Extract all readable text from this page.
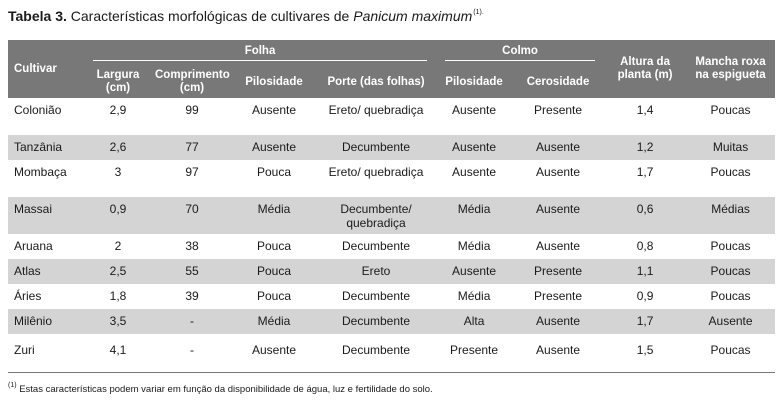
Tabela 3. Características morfológicas de cultivares de Panicum maximum$^{(1).}$
Cultivar	Folha				Colmo		Altura da planta (m)	Mancha roxa na espigueta
	Largura (cm)	Comprimento (cm)	Pilosidade	Porte (das folhas)	Pilosidade	Cerosidade		
Colonião	2,9	99	Ausente	Ereto/ quebradiça	Ausente	Presente	1,4	Poucas
Tanzânia	2,6	77	Ausente	Decumbente	Ausente	Ausente	1,2	Muitas
Mombaça	3	97	Pouca	Ereto/ quebradiça	Ausente	Ausente	1,7	Poucas
Massai	0,9	70	Média	Decumbente/ quebradiça	Média	Ausente	0,6	Médias
Aruana	2	38	Pouca	Decumbente	Média	Ausente	0,8	Poucas
Atlas	2,5	55	Pouca	Ereto	Ausente	Presente	1,1	Poucas
Áries	1,8	39	Pouca	Decumbente	Média	Presente	0,9	Poucas
Milênio	3,5	-	Média	Decumbente	Alta	Ausente	1,7	Ausente
Zuri	4,1	-	Ausente	Decumbente	Presente	Ausente	1,5	Poucas
$^{(1)}$ Estas características podem variar em função da disponibilidade de água, luz e fertilidade do solo.
